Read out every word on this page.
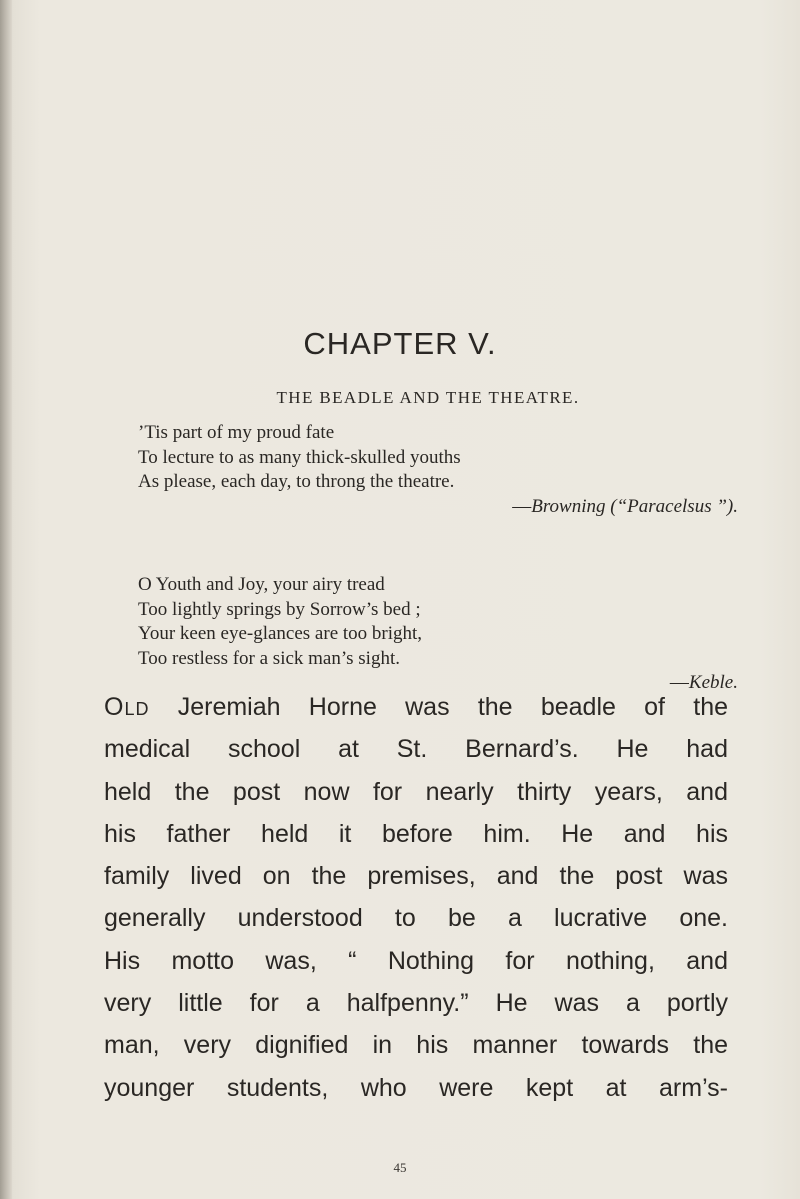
CHAPTER V.
THE BEADLE AND THE THEATRE.
’Tis part of my proud fate
To lecture to as many thick-skulled youths
As please, each day, to throng the theatre.
—Browning (“Paracelsus ”).
O Youth and Joy, your airy tread
Too lightly springs by Sorrow’s bed ;
Your keen eye-glances are too bright,
Too restless for a sick man’s sight.
—Keble.
Old Jeremiah Horne was the beadle of the
medical school at St. Bernard’s. He had
held the post now for nearly thirty years, and
his father held it before him. He and his
family lived on the premises, and the post was
generally understood to be a lucrative one.
His motto was, “ Nothing for nothing, and
very little for a halfpenny.” He was a portly
man, very dignified in his manner towards the
younger students, who were kept at arm’s-
45
